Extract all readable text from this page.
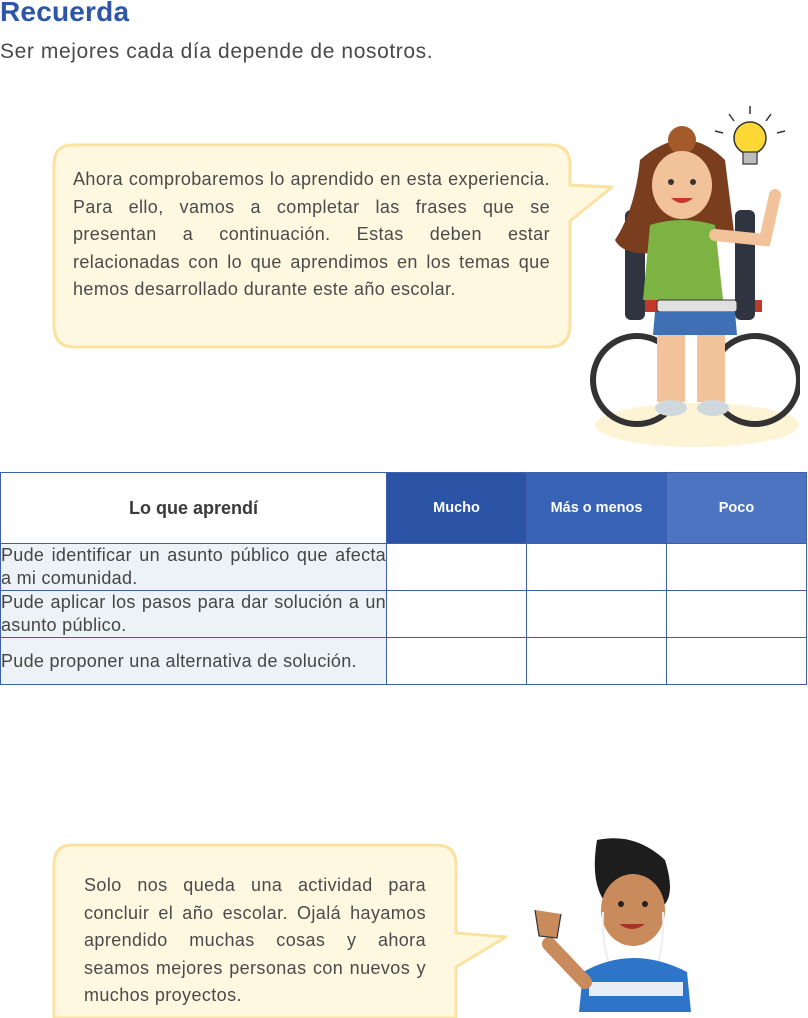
Recuerda

Ser mejores cada día depende de nosotros.

Ahora comprobaremos lo aprendido en esta experiencia. Para ello, vamos a completar las frases que se presentan a continuación. Estas deben estar relacionadas con lo que aprendimos en los temas que hemos desarrollado durante este año escolar.
Lo que aprendí	Mucho	Más o menos	Poco
Pude identificar un asunto público que afecta a mi comunidad.			
Pude aplicar los pasos para dar solución a un asunto público.			
Pude proponer una alternativa de solución.			
Solo nos queda una actividad para concluir el año escolar. Ojalá hayamos aprendido muchas cosas y ahora seamos mejores personas con nuevos y muchos proyectos.
